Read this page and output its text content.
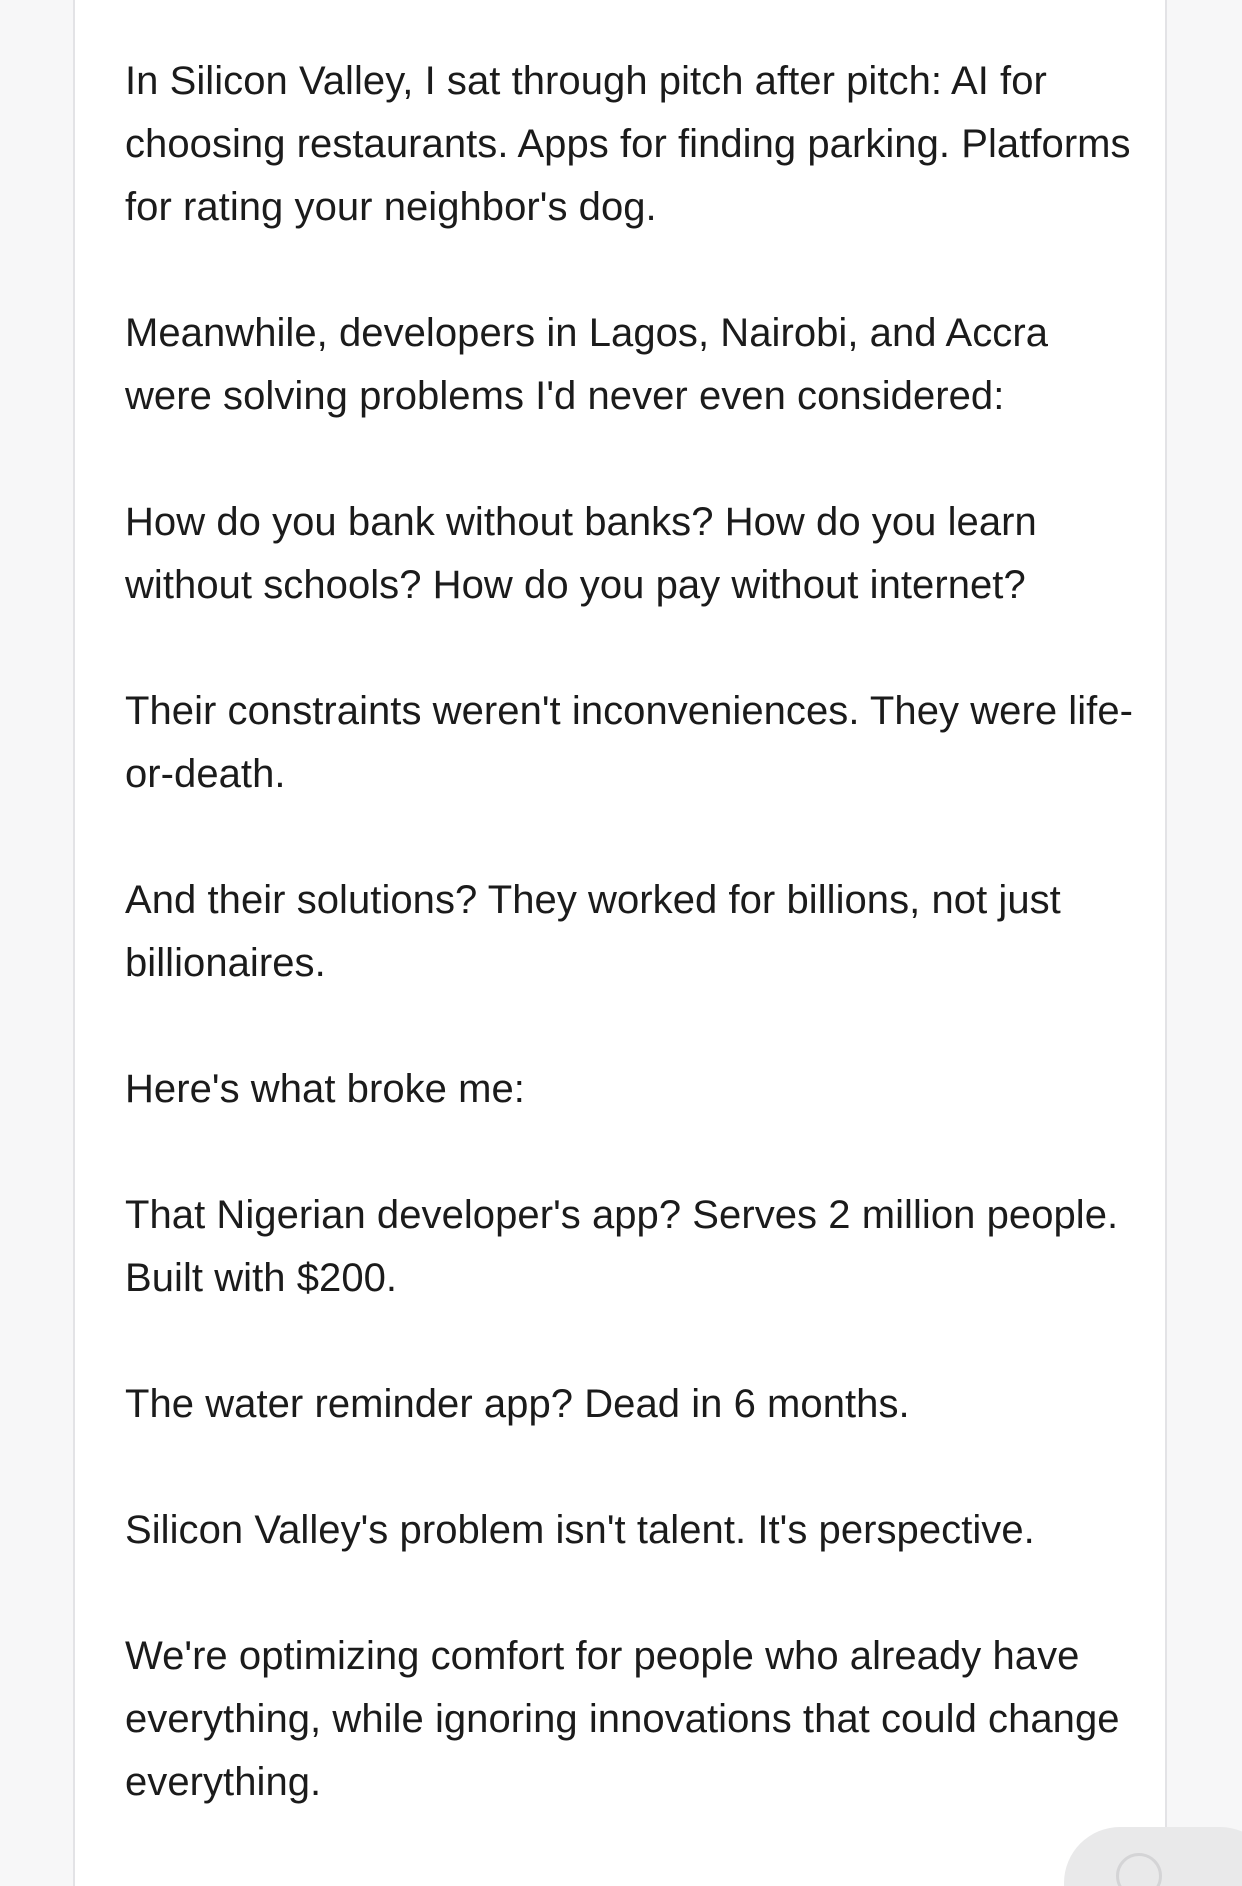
In Silicon Valley, I sat through pitch after pitch: AI for choosing restaurants. Apps for finding parking. Platforms for rating your neighbor's dog.

Meanwhile, developers in Lagos, Nairobi, and Accra were solving problems I'd never even considered:

How do you bank without banks? How do you learn without schools? How do you pay without internet?

Their constraints weren't inconveniences. They were life-or-death.

And their solutions? They worked for billions, not just billionaires.

Here's what broke me:

That Nigerian developer's app? Serves 2 million people. Built with $200.

The water reminder app? Dead in 6 months.

Silicon Valley's problem isn't talent. It's perspective.

We're optimizing comfort for people who already have everything, while ignoring innovations that could change everything.
